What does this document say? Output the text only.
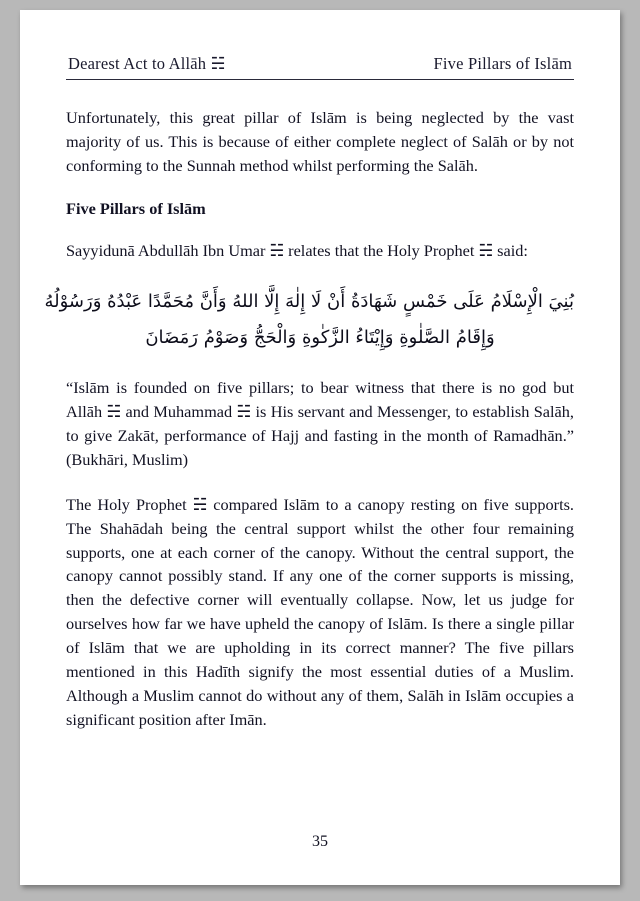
Dearest Act to Allāh ☵	Five Pillars of Islām

Unfortunately, this great pillar of Islām is being neglected by the vast majority of us. This is because of either complete neglect of Salāh or by not conforming to the Sunnah method whilst performing the Salāh.

Five Pillars of Islām

Sayyidunā Abdullāh Ibn Umar ☵ relates that the Holy Prophet ☵ said:

بُنِيَ الْإِسْلَامُ عَلَى خَمْسٍ شَهَادَةُ أَنْ لَا إِلٰهَ إِلَّا اللهُ وَأَنَّ مُحَمَّدًا عَبْدُهُ وَرَسُوْلُهُ
وَإِقَامُ الصَّلٰوةِ وَإِيْتَاءُ الزَّكٰوةِ وَالْحَجُّ وَصَوْمُ رَمَضَانَ

“Islām is founded on five pillars; to bear witness that there is no god but Allāh ☵ and Muhammad ☵ is His servant and Messenger, to establish Salāh, to give Zakāt, performance of Hajj and fasting in the month of Ramadhān.” (Bukhāri, Muslim)

The Holy Prophet ☵ compared Islām to a canopy resting on five supports. The Shahādah being the central support whilst the other four remaining supports, one at each corner of the canopy. Without the central support, the canopy cannot possibly stand. If any one of the corner supports is missing, then the defective corner will eventually collapse. Now, let us judge for ourselves how far we have upheld the canopy of Islām. Is there a single pillar of Islām that we are upholding in its correct manner? The five pillars mentioned in this Hadīth signify the most essential duties of a Muslim. Although a Muslim cannot do without any of them, Salāh in Islām occupies a significant position after Imān.

35
